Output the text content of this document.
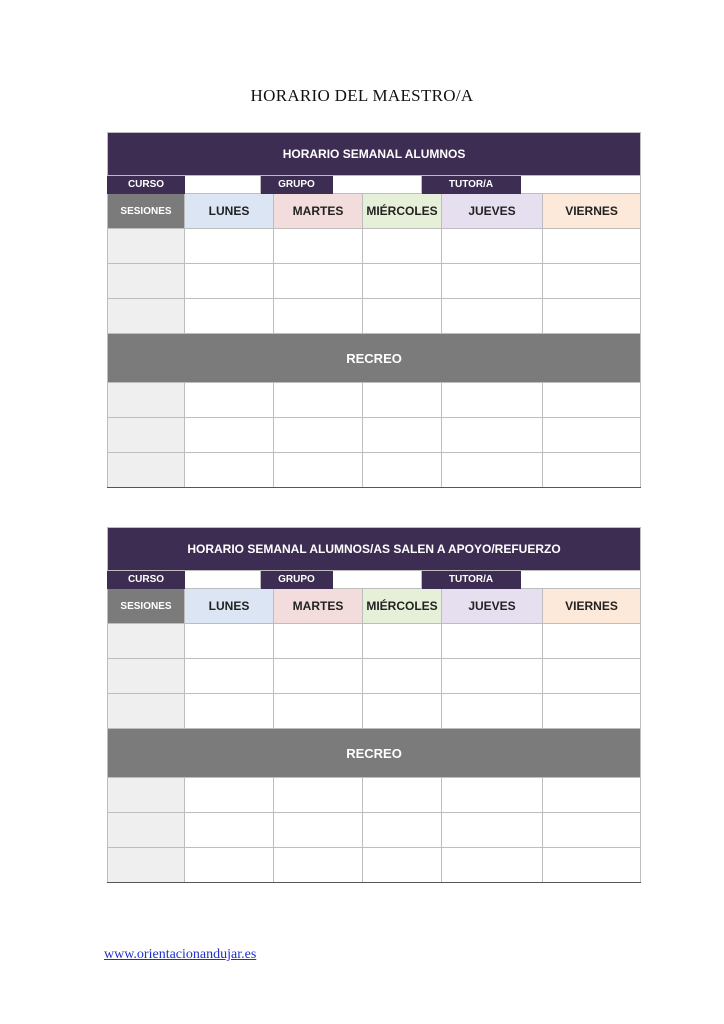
HORARIO DEL MAESTRO/A
HORARIO SEMANAL ALUMNOS									
CURSO		GRUPO				TUTOR/A			
SESIONES	LUNES		MARTES		MIÉRCOLES		JUEVES		VIERNES

RECREO									

HORARIO SEMANAL ALUMNOS/AS SALEN A APOYO/REFUERZO									
CURSO		GRUPO				TUTOR/A			
SESIONES	LUNES		MARTES		MIÉRCOLES		JUEVES		VIERNES

RECREO									

www.orientacionandujar.es
